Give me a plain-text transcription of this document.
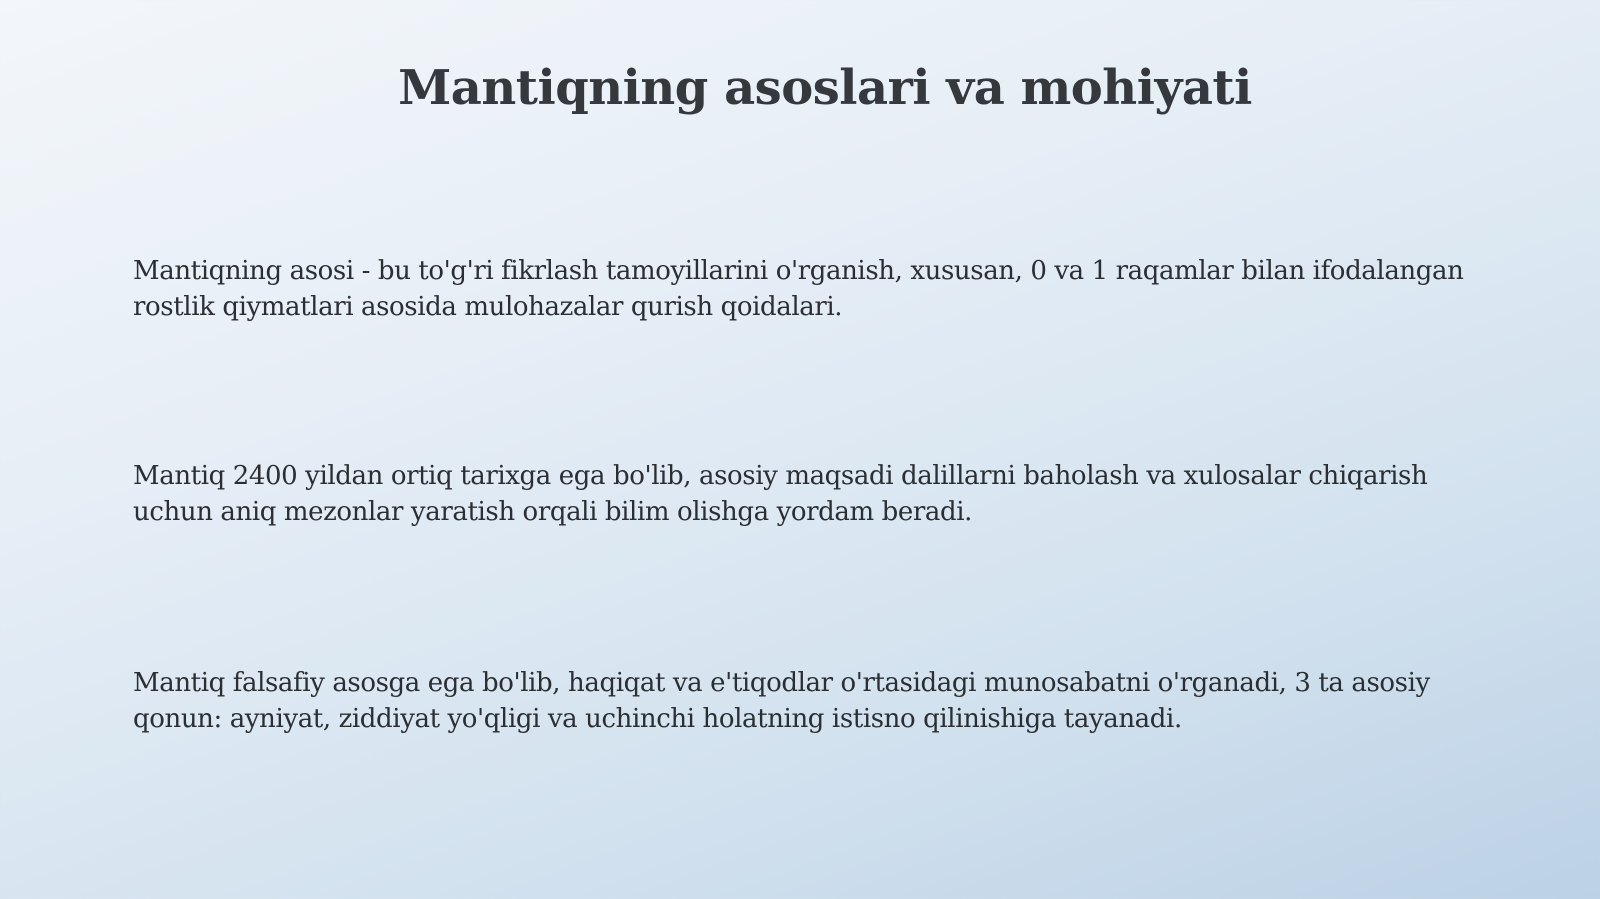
Mantiqning asoslari va mohiyati

Mantiqning asosi - bu to'g'ri fikrlash tamoyillarini o'rganish, xususan, 0 va 1 raqamlar bilan ifodalangan rostlik qiymatlari asosida mulohazalar qurish qoidalari.

Mantiq 2400 yildan ortiq tarixga ega bo'lib, asosiy maqsadi dalillarni baholash va xulosalar chiqarish uchun aniq mezonlar yaratish orqali bilim olishga yordam beradi.

Mantiq falsafiy asosga ega bo'lib, haqiqat va e'tiqodlar o'rtasidagi munosabatni o'rganadi, 3 ta asosiy qonun: ayniyat, ziddiyat yo'qligi va uchinchi holatning istisno qilinishiga tayanadi.
